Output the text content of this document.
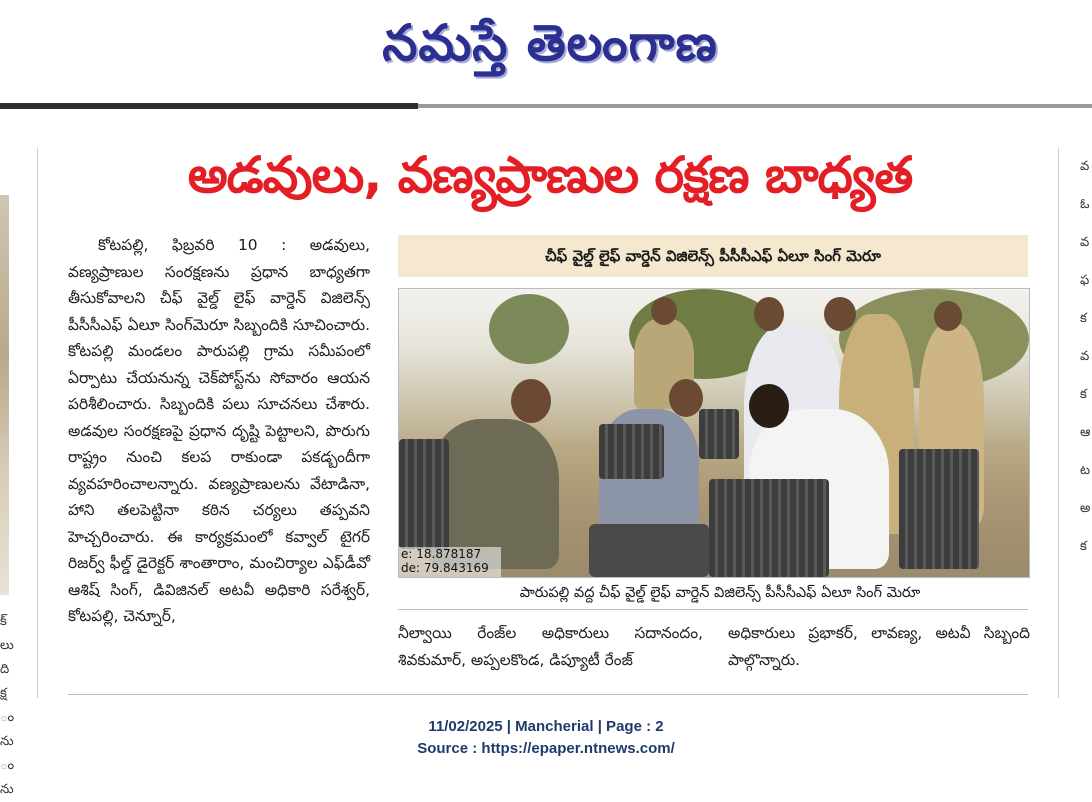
నమస్తే తెలంగాణ
క్
లు
ది
క్ష
ం
ను
ం
ను
వ
ఓ
వ
ఫ
క
వ
క
ఆ
ట
అ
క
అడవులు, వణ్యప్రాణుల రక్షణ బాధ్యత

కోటపల్లి, ఫిబ్రవరి 10 : అడవులు, వణ్యప్రాణుల సంరక్షణను ప్రధాన బాధ్యతగా తీసుకోవాలని చీఫ్ వైల్డ్ లైఫ్ వార్డెన్ విజిలెన్స్ పీసీసీఎఫ్ ఏలూ సింగ్‌మెరూ సిబ్బందికి సూచించారు. కోటపల్లి మండలం పారుపల్లి గ్రామ సమీపంలో ఏర్పాటు చేయనున్న చెక్‌పోస్ట్‌ను సోవారం ఆయన పరిశీలించారు. సిబ్బందికి పలు సూచనలు చేశారు. అడవుల సంరక్షణపై ప్రధాన దృష్టి పెట్టాలని, పొరుగు రాష్ట్రం నుంచి కలప రాకుండా పకడ్బందీగా వ్యవహరించాలన్నారు. వణ్యప్రాణులను వేటాడినా, హాని తలపెట్టినా కఠిన చర్యలు తప్పవని హెచ్చరించారు. ఈ కార్యక్రమంలో కవ్వాల్ టైగర్ రిజర్వ్ ఫీల్డ్ డైరెక్టర్ శాంతారాం, మంచిర్యాల ఎఫ్‌డీవో ఆశిష్ సింగ్, డివిజినల్ అటవీ అధికారి సరేశ్వర్, కోటపల్లి, చెన్నూర్,

చీఫ్ వైల్డ్ లైఫ్ వార్డెన్ విజిలెన్స్ పీసీసీఎఫ్ ఏలూ సింగ్ మెరూ
e: 18.878187
de: 79.843169
పారుపల్లి వద్ద చీఫ్ వైల్డ్ లైఫ్ వార్డెన్ విజిలెన్స్ పీసీసీఎఫ్ ఏలూ సింగ్ మెరూ
నీల్వాయి రేంజ్‌ల అధికారులు సదానందం, శివకుమార్, అప్పలకొండ, డిప్యూటీ రేంజ్
అధికారులు ప్రభాకర్, లావణ్య, అటవీ సిబ్బంది పాల్గొన్నారు.
11/02/2025 | Mancherial | Page : 2
Source : https://epaper.ntnews.com/
